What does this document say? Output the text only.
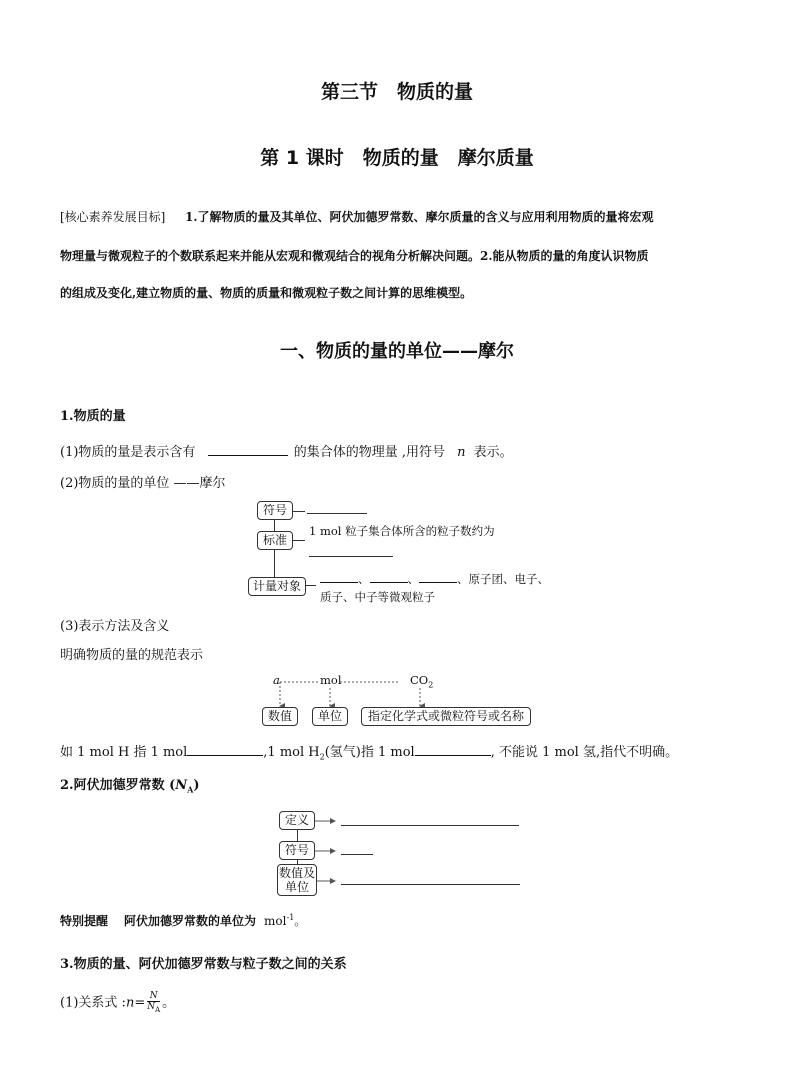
第三节　物质的量
第 1 课时　物质的量　摩尔质量
[核心素养发展目标] 1.了解物质的量及其单位、阿伏加德罗常数、摩尔质量的含义与应用利用物质的量将宏观
物理量与微观粒子的个数联系起来并能从宏观和微观结合的视角分析解决问题。2.能从物质的量的角度认识物质
的组成及变化,建立物质的量、物质的质量和微观粒子数之间计算的思维模型。
一、物质的量的单位——摩尔
1.物质的量
(1)物质的量是表示含有	的集合体的物理量 ,用符号 n 表示。
(2)物质的量的单位 ——摩尔
符号
标准
1 mol 粒子集合体所含的粒子数约为
计量对象	、	、	、原子团、电子、
质子、中子等微观粒子
(3)表示方法及含义
明确物质的量的规范表示
a	mol	$CO_2$
数值	单位	指定化学式或微粒符号或名称
如 1 mol H 指 1 mol	,1 mol $H_2$(氢气)指 1 mol	, 不能说 1 mol 氢,指代不明确。
2.阿伏加德罗常数 $(N_A)$
定义
符号
数值及
单位
特别提醒 阿伏加德罗常数的单位为 mol$^{-1}$。
3.物质的量、阿伏加德罗常数与粒子数之间的关系
(1)关系式 :n= $\frac{N}{N_A}$ 。
